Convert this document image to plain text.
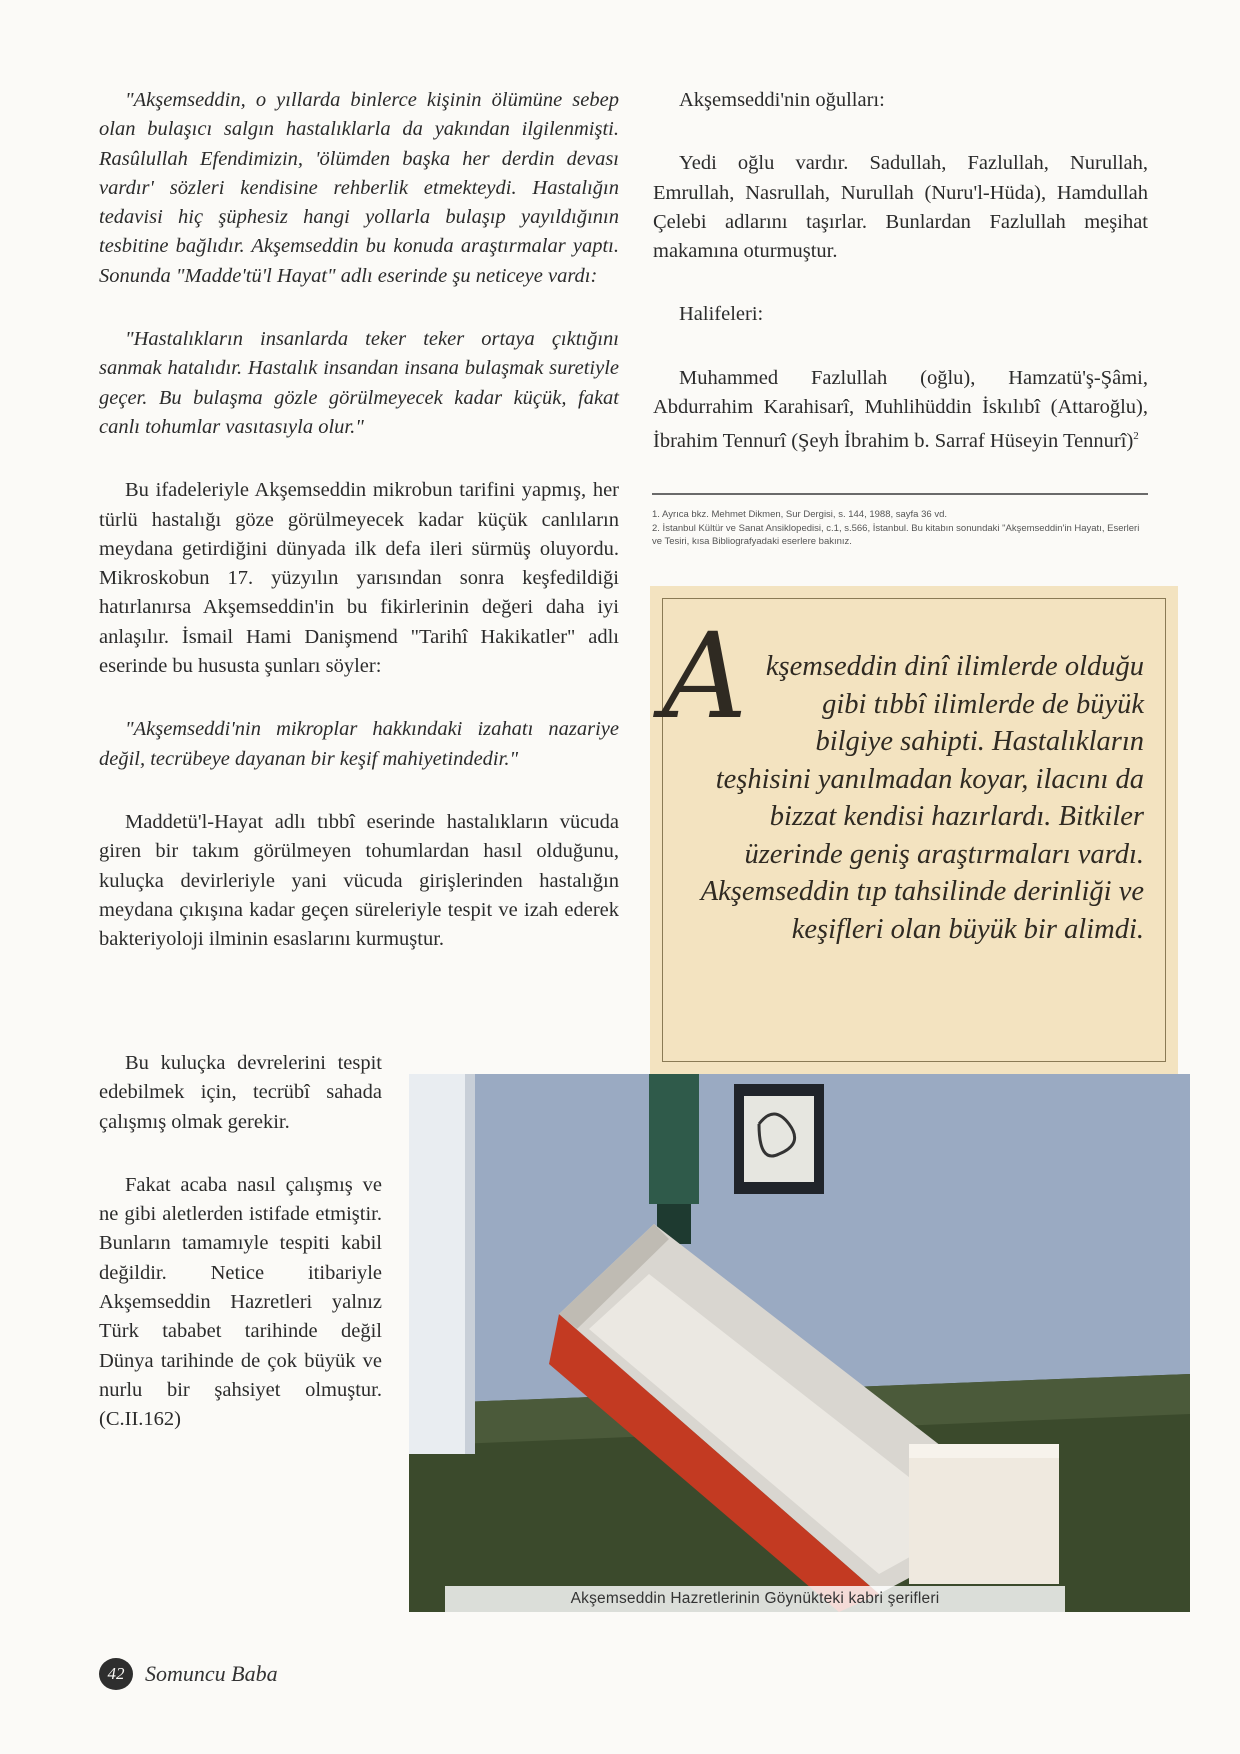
"Akşemseddin, o yıllarda binlerce kişinin ölümüne sebep olan bulaşıcı salgın hastalıklarla da yakından ilgilenmişti. Rasûlullah Efendimizin, 'ölümden başka her derdin devası vardır' sözleri kendisine rehberlik etmekteydi. Hastalığın tedavisi hiç şüphesiz hangi yollarla bulaşıp yayıldığının tesbitine bağlıdır. Akşemseddin bu konuda araştırmalar yaptı. Sonunda "Madde'tü'l Hayat" adlı eserinde şu neticeye vardı:

"Hastalıkların insanlarda teker teker ortaya çıktığını sanmak hatalıdır. Hastalık insandan insana bulaşmak suretiyle geçer. Bu bulaşma gözle görülmeyecek kadar küçük, fakat canlı tohumlar vasıtasıyla olur."

Bu ifadeleriyle Akşemseddin mikrobun tarifini yapmış, her türlü hastalığı göze görülmeyecek kadar küçük canlıların meydana getirdiğini dünyada ilk defa ileri sürmüş oluyordu. Mikroskobun 17. yüzyılın yarısından sonra keşfedildiği hatırlanırsa Akşemseddin'in bu fikirlerinin değeri daha iyi anlaşılır. İsmail Hami Danişmend "Tarihî Hakikatler" adlı eserinde bu hususta şunları söyler:

"Akşemseddi'nin mikroplar hakkındaki izahatı nazariye değil, tecrübeye dayanan bir keşif mahiyetindedir."

Maddetü'l-Hayat adlı tıbbî eserinde hastalıkların vücuda giren bir takım görülmeyen tohumlardan hasıl olduğunu, kuluçka devirleriyle yani vücuda girişlerinden hastalığın meydana çıkışına kadar geçen süreleriyle tespit ve izah ederek bakteriyoloji ilminin esaslarını kurmuştur.

Bu kuluçka devrelerini tespit edebilmek için, tecrübî sahada çalışmış olmak gerekir.

Fakat acaba nasıl çalışmış ve ne gibi aletlerden istifade etmiştir. Bunların tamamıyle tespiti kabil değildir. Netice itibariyle Akşemseddin Hazretleri yalnız Türk tababet tarihinde değil Dünya tarihinde de çok büyük ve nurlu bir şahsiyet olmuştur. (C.II.162)

Akşemseddi'nin oğulları:

Yedi oğlu vardır. Sadullah, Fazlullah, Nurullah, Emrullah, Nasrullah, Nurullah (Nuru'l-Hüda), Hamdullah Çelebi adlarını taşırlar. Bunlardan Fazlullah meşihat makamına oturmuştur.

Halifeleri:

Muhammed Fazlullah (oğlu), Hamzatü'ş-Şâmi, Abdurrahim Karahisarî, Muhlihüddin İskılıbî (Attaroğlu), İbrahim Tennurî (Şeyh İbrahim b. Sarraf Hüseyin Tennurî)$^2$

1. Ayrıca bkz. Mehmet Dikmen, Sur Dergisi, s. 144, 1988, sayfa 36 vd.
2. İstanbul Kültür ve Sanat Ansiklopedisi, c.1, s.566, İstanbul. Bu kitabın sonundaki "Akşemseddin'in Hayatı, Eserleri ve Tesiri, kısa Bibliografyadaki eserlere bakınız.
Akşemseddin dinî ilimlerde olduğu gibi tıbbî ilimlerde de büyük bilgiye sahipti. Hastalıkların teşhisini yanılmadan koyar, ilacını da bizzat kendisi hazırlardı. Bitkiler üzerinde geniş araştırmaları vardı. Akşemseddin tıp tahsilinde derinliği ve keşifleri olan büyük bir alimdi.
Akşemseddin Hazretlerinin Göynükteki kabri şerifleri
42 Somuncu Baba
